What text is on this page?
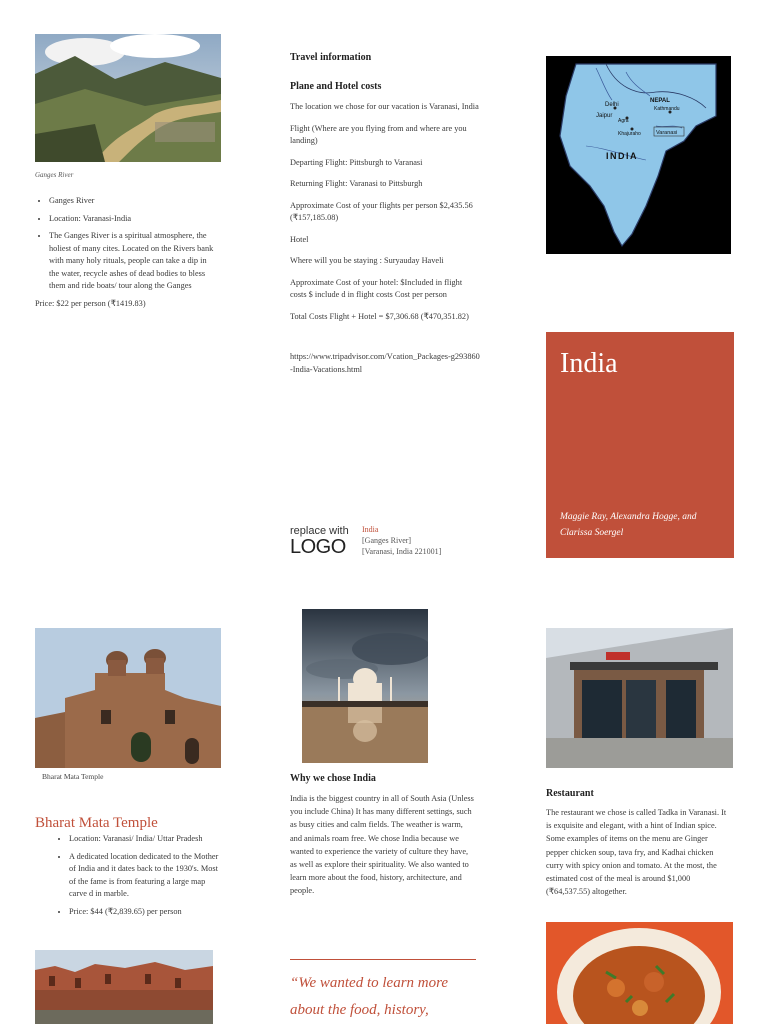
Ganges River
• Ganges River
• Location: Varanasi-India
• The Ganges River is a spiritual atmosphere, the holiest of many cites. Located on the Rivers bank with many holy rituals, people can take a dip in the water, recycle ashes of dead bodies to bless them and ride boats/ tour along the Ganges
Price: $22 per person (₹1419.83)
Travel information
Plane and Hotel costs
The location we chose for our vacation is Varanasi, India
Flight (Where are you flying from and where are you landing)
Departing Flight: Pittsburgh to Varanasi
Returning Flight: Varanasi to Pittsburgh
Approximate Cost of your flights per person $2,435.56 (₹157,185.08)
Hotel
Where will you be staying : Suryauday Haveli
Approximate Cost of your hotel: $Included in flight costs $ include d in flight costs Cost per person
Total Costs Flight + Hotel = $7,306.68 (₹470,351.82)
https://www.tripadvisor.com/Vcation_Packages-g293860-India-Vacations.html
replace with
LOGO
India
[Ganges River]
[Varanasi, India 221001]
Delhi
NEPAL
Kathmandu
Jaipur
Agra
Khajuraho	Varanasi
INDIA
India
Maggie Ray, Alexandra Hogge, and Clarissa Soergel
Bharat Mata Temple
Bharat Mata Temple
• Location: Varanasi/ India/ Uttar Pradesh
• A dedicated location dedicated to the Mother of India and it dates back to the 1930's. Most of the fame is from featuring a large map carve d in marble.
• Price: $44 (₹2,839.65) per person
Why we chose India
India is the biggest country in all of South Asia (Unless you include China) It has many different settings, such as busy cities and calm fields. The weather is warm, and animals roam free. We chose India because we wanted to experience the variety of culture they have, as well as explore their spirituality. We also wanted to learn more about the food, history, architecture, and people.
“We wanted to learn more about the food, history,
Restaurant
The restaurant we chose is called Tadka in Varanasi. It is exquisite and elegant, with a hint of Indian spice. Some examples of items on the menu are Ginger pepper chicken soup, tava fry, and Kadhai chicken curry with spicy onion and tomato. At the most, the estimated cost of the meal is around $1,000 (₹64,537.55) altogether.
